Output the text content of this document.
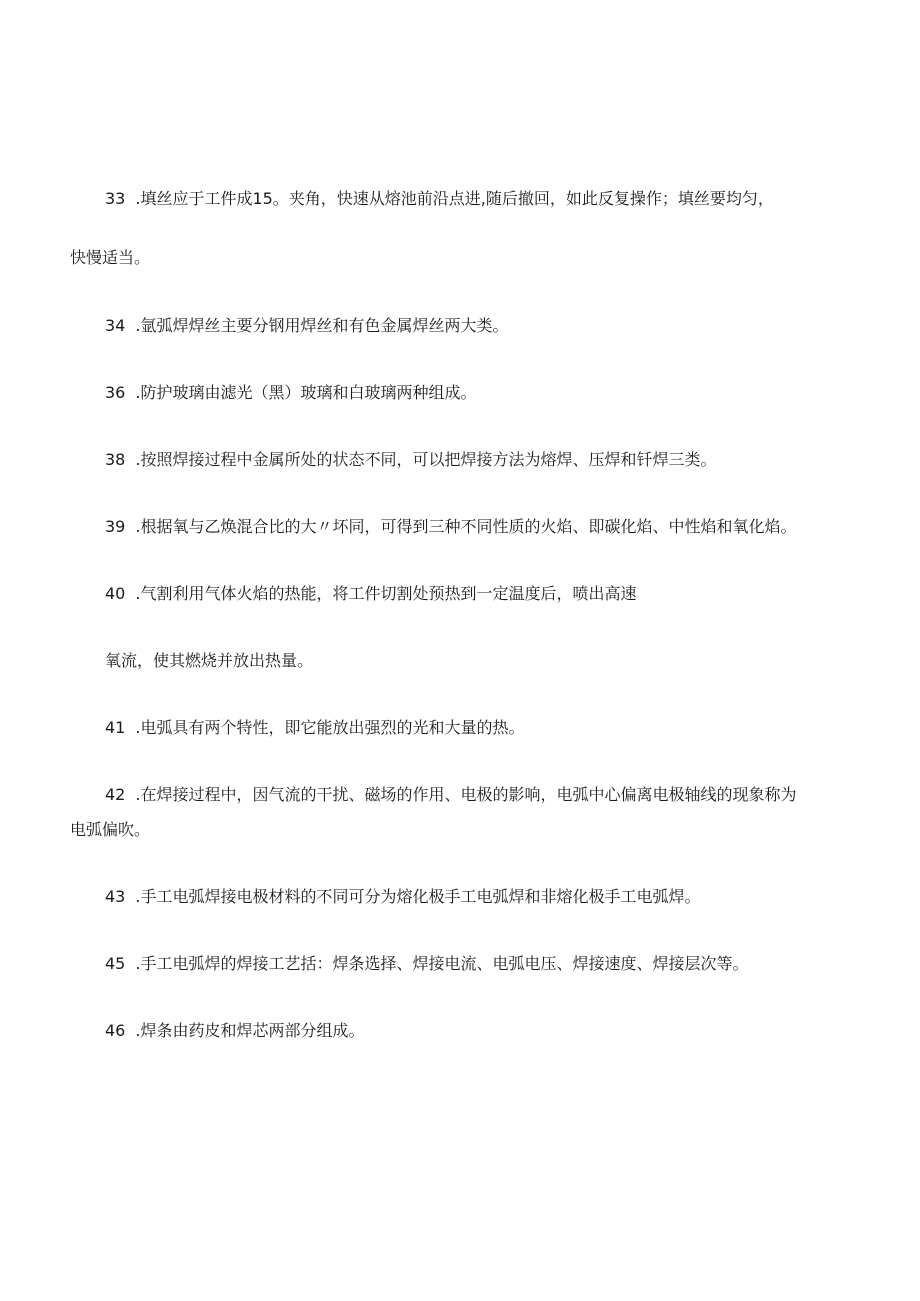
33 .填丝应于工件成15。夹角，快速从熔池前沿点进,随后撤回，如此反复操作；填丝要均匀，
快慢适当。
34 .氩弧焊焊丝主要分钢用焊丝和有色金属焊丝两大类。
36 .防护玻璃由滤光（黑）玻璃和白玻璃两种组成。
38 .按照焊接过程中金属所处的状态不同，可以把焊接方法为熔焊、压焊和钎焊三类。
39 .根据氧与乙焕混合比的大〃坏同，可得到三种不同性质的火焰、即碳化焰、中性焰和氧化焰。
40 .气割利用气体火焰的热能，将工件切割处预热到一定温度后，喷出高速
氧流，使其燃烧并放出热量。
41 .电弧具有两个特性，即它能放出强烈的光和大量的热。
42 .在焊接过程中，因气流的干扰、磁场的作用、电极的影响，电弧中心偏离电极轴线的现象称为
电弧偏吹。
43 .手工电弧焊接电极材料的不同可分为熔化极手工电弧焊和非熔化极手工电弧焊。
45 .手工电弧焊的焊接工艺括：焊条选择、焊接电流、电弧电压、焊接速度、焊接层次等。
46 .焊条由药皮和焊芯两部分组成。
